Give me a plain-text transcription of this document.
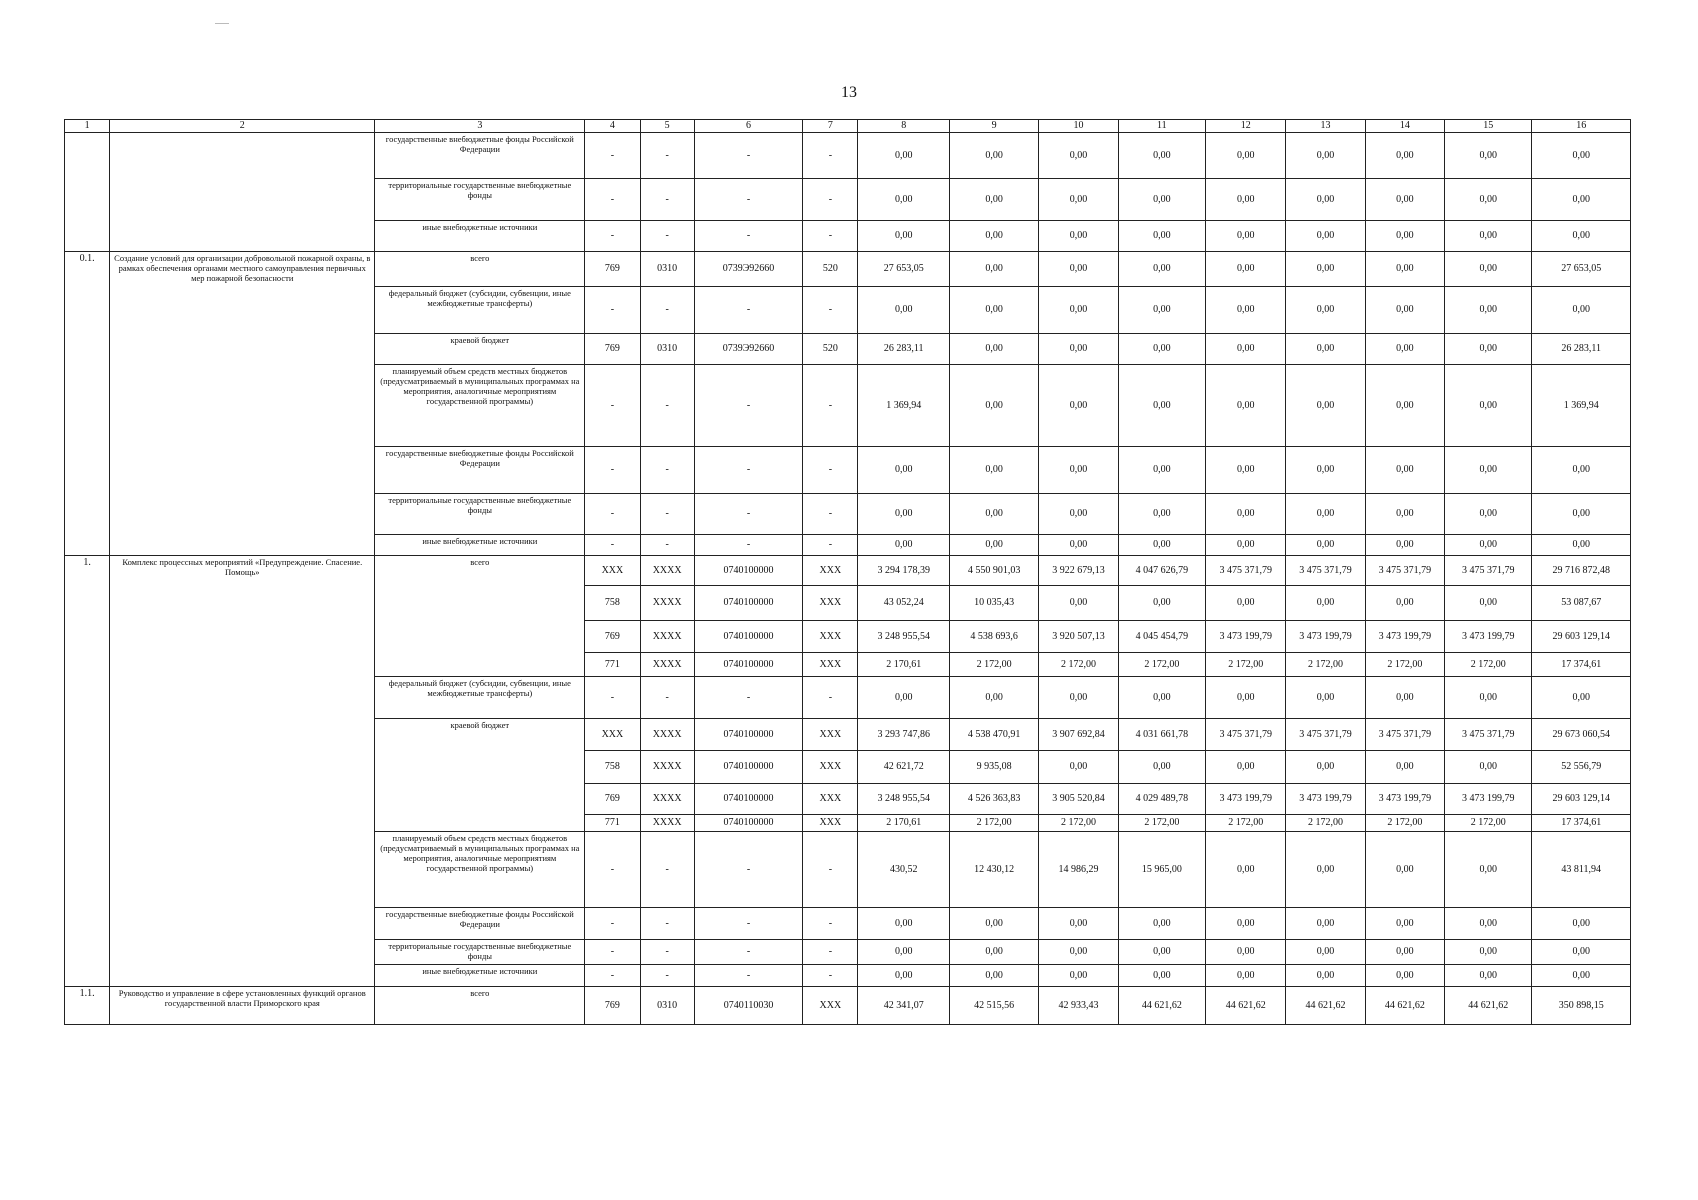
13
1	2	3	4	5	6	7	8	9	10	11	12	13	14	15	16
		государственные внебюджетные фонды Российской Федерации	-	-	-	-	0,00	0,00	0,00	0,00	0,00	0,00	0,00	0,00	0,00
		территориальные государственные внебюджетные фонды	-	-	-	-	0,00	0,00	0,00	0,00	0,00	0,00	0,00	0,00	0,00
		иные внебюджетные источники	-	-	-	-	0,00	0,00	0,00	0,00	0,00	0,00	0,00	0,00	0,00
0.1.	Создание условий для организации добровольной пожарной охраны, в рамках обеспечения органами местного самоуправления первичных мер пожарной безопасности	всего	769	0310	0739Э92660	520	27 653,05	0,00	0,00	0,00	0,00	0,00	0,00	0,00	27 653,05
		федеральный бюджет (субсидии, субвенции, иные межбюджетные трансферты)	-	-	-	-	0,00	0,00	0,00	0,00	0,00	0,00	0,00	0,00	0,00
		краевой бюджет	769	0310	0739Э92660	520	26 283,11	0,00	0,00	0,00	0,00	0,00	0,00	0,00	26 283,11
		планируемый объем средств местных бюджетов (предусматриваемый в муниципальных программах на мероприятия, аналогичные мероприятиям государственной программы)	-	-	-	-	1 369,94	0,00	0,00	0,00	0,00	0,00	0,00	0,00	1 369,94
		государственные внебюджетные фонды Российской Федерации	-	-	-	-	0,00	0,00	0,00	0,00	0,00	0,00	0,00	0,00	0,00
		территориальные государственные внебюджетные фонды	-	-	-	-	0,00	0,00	0,00	0,00	0,00	0,00	0,00	0,00	0,00
		иные внебюджетные источники	-	-	-	-	0,00	0,00	0,00	0,00	0,00	0,00	0,00	0,00	0,00
1.	Комплекс процессных мероприятий «Предупреждение. Спасение. Помощь»	всего	ХХХ	ХХХХ	0740100000	ХХХ	3 294 178,39	4 550 901,03	3 922 679,13	4 047 626,79	3 475 371,79	3 475 371,79	3 475 371,79	3 475 371,79	29 716 872,48
			758	ХХХХ	0740100000	ХХХ	43 052,24	10 035,43	0,00	0,00	0,00	0,00	0,00	0,00	53 087,67
			769	ХХХХ	0740100000	ХХХ	3 248 955,54	4 538 693,6	3 920 507,13	4 045 454,79	3 473 199,79	3 473 199,79	3 473 199,79	3 473 199,79	29 603 129,14
			771	ХХХХ	0740100000	ХХХ	2 170,61	2 172,00	2 172,00	2 172,00	2 172,00	2 172,00	2 172,00	2 172,00	17 374,61
		федеральный бюджет (субсидии, субвенции, иные межбюджетные трансферты)	-	-	-	-	0,00	0,00	0,00	0,00	0,00	0,00	0,00	0,00	0,00
		краевой бюджет	ХХХ	ХХХХ	0740100000	ХХХ	3 293 747,86	4 538 470,91	3 907 692,84	4 031 661,78	3 475 371,79	3 475 371,79	3 475 371,79	3 475 371,79	29 673 060,54
			758	ХХХХ	0740100000	ХХХ	42 621,72	9 935,08	0,00	0,00	0,00	0,00	0,00	0,00	52 556,79
			769	ХХХХ	0740100000	ХХХ	3 248 955,54	4 526 363,83	3 905 520,84	4 029 489,78	3 473 199,79	3 473 199,79	3 473 199,79	3 473 199,79	29 603 129,14
			771	ХХХХ	0740100000	ХХХ	2 170,61	2 172,00	2 172,00	2 172,00	2 172,00	2 172,00	2 172,00	2 172,00	17 374,61
		планируемый объем средств местных бюджетов (предусматриваемый в муниципальных программах на мероприятия, аналогичные мероприятиям государственной программы)	-	-	-	-	430,52	12 430,12	14 986,29	15 965,00	0,00	0,00	0,00	0,00	43 811,94
		государственные внебюджетные фонды Российской Федерации	-	-	-	-	0,00	0,00	0,00	0,00	0,00	0,00	0,00	0,00	0,00
		территориальные государственные внебюджетные фонды	-	-	-	-	0,00	0,00	0,00	0,00	0,00	0,00	0,00	0,00	0,00
		иные внебюджетные источники	-	-	-	-	0,00	0,00	0,00	0,00	0,00	0,00	0,00	0,00	0,00
1.1.	Руководство и управление в сфере установленных функций органов государственной власти Приморского края	всего	769	0310	0740110030	ХХХ	42 341,07	42 515,56	42 933,43	44 621,62	44 621,62	44 621,62	44 621,62	44 621,62	350 898,15
